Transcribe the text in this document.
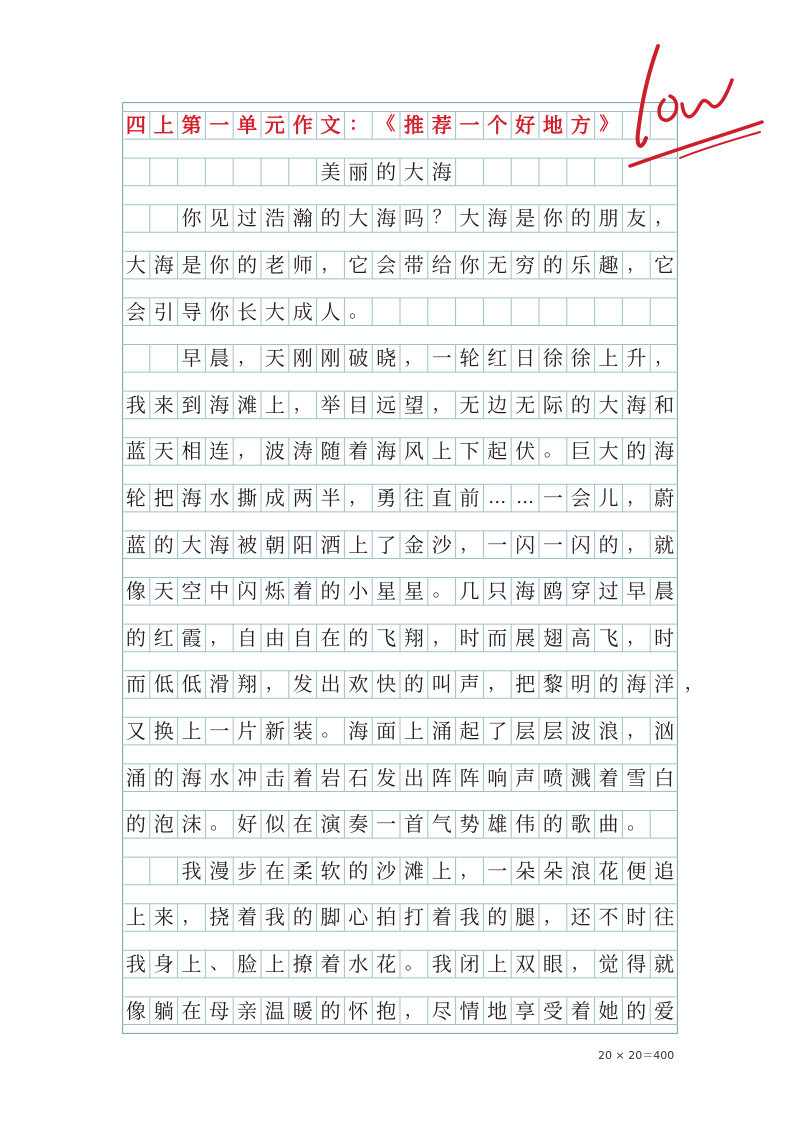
四 上 第 一 单 元 作 文 ： 《 推 荐 一 个 好 地 方 》
美 丽 的 大 海
你 见 过 浩 瀚 的 大 海 吗 ？ 大 海 是 你 的 朋 友 ，
大 海 是 你 的 老 师 ， 它 会 带 给 你 无 穷 的 乐 趣 ， 它
会 引 导 你 长 大 成 人 。
早 晨 ， 天 刚 刚 破 晓 ， 一 轮 红 日 徐 徐 上 升 ，
我 来 到 海 滩 上 ， 举 目 远 望 ， 无 边 无 际 的 大 海 和
蓝 天 相 连 ， 波 涛 随 着 海 风 上 下 起 伏 。 巨 大 的 海
轮 把 海 水 撕 成 两 半 ， 勇 往 直 前 … … 一 会 儿 ， 蔚
蓝 的 大 海 被 朝 阳 洒 上 了 金 沙 ， 一 闪 一 闪 的 ， 就
像 天 空 中 闪 烁 着 的 小 星 星 。 几 只 海 鸥 穿 过 早 晨
的 红 霞 ， 自 由 自 在 的 飞 翔 ， 时 而 展 翅 高 飞 ， 时
而 低 低 滑 翔 ， 发 出 欢 快 的 叫 声 ， 把 黎 明 的 海 洋 ，
又 换 上 一 片 新 装 。 海 面 上 涌 起 了 层 层 波 浪 ， 汹
涌 的 海 水 冲 击 着 岩 石 发 出 阵 阵 响 声 喷 溅 着 雪 白
的 泡 沫 。 好 似 在 演 奏 一 首 气 势 雄 伟 的 歌 曲 。
我 漫 步 在 柔 软 的 沙 滩 上 ， 一 朵 朵 浪 花 便 追
上 来 ， 挠 着 我 的 脚 心 拍 打 着 我 的 腿 ， 还 不 时 往
我 身 上 、 脸 上 撩 着 水 花 。 我 闭 上 双 眼 ， 觉 得 就
像 躺 在 母 亲 温 暖 的 怀 抱 ， 尽 情 地 享 受 着 她 的 爱
20 × 20＝400
